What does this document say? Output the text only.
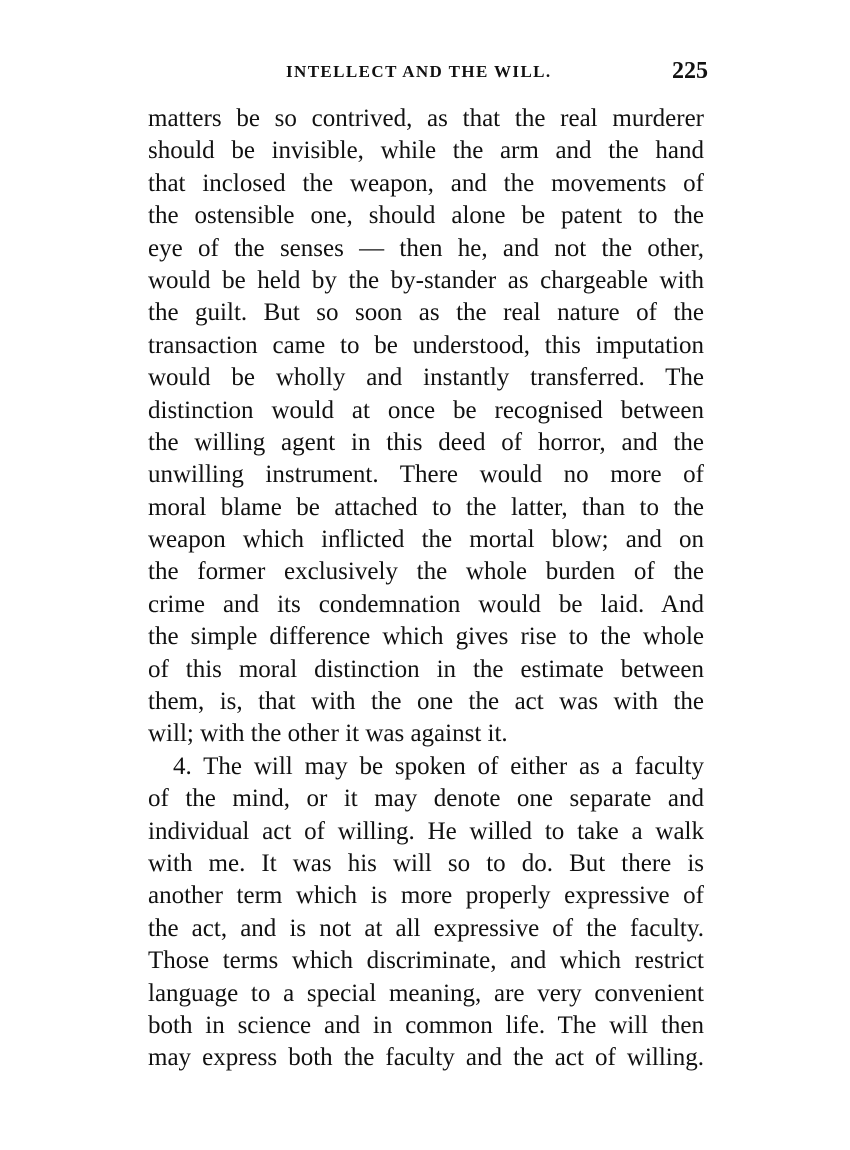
INTELLECT AND THE WILL.	225
matters be so contrived, as that the real murderer
should be invisible, while the arm and the hand
that inclosed the weapon, and the movements of
the ostensible one, should alone be patent to the
eye of the senses — then he, and not the other,
would be held by the by-stander as chargeable with
the guilt. But so soon as the real nature of the
transaction came to be understood, this imputation
would be wholly and instantly transferred. The
distinction would at once be recognised between
the willing agent in this deed of horror, and the
unwilling instrument. There would no more of
moral blame be attached to the latter, than to the
weapon which inflicted the mortal blow; and on
the former exclusively the whole burden of the
crime and its condemnation would be laid. And
the simple difference which gives rise to the whole
of this moral distinction in the estimate between
them, is, that with the one the act was with the
will; with the other it was against it.
4. The will may be spoken of either as a faculty
of the mind, or it may denote one separate and
individual act of willing. He willed to take a walk
with me. It was his will so to do. But there is
another term which is more properly expressive of
the act, and is not at all expressive of the faculty.
Those terms which discriminate, and which restrict
language to a special meaning, are very convenient
both in science and in common life. The will then
may express both the faculty and the act of willing.
